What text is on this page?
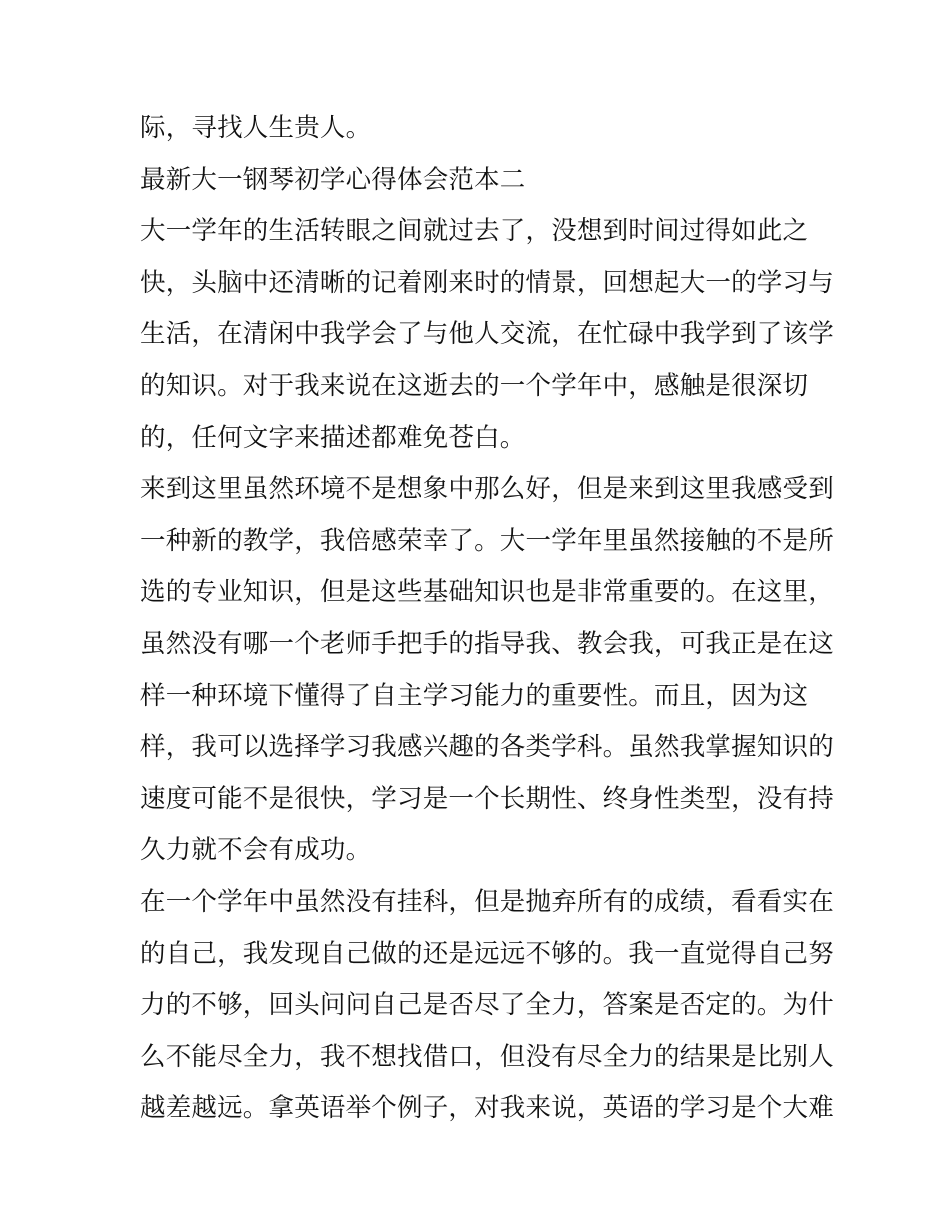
际，寻找人生贵人。
最新大一钢琴初学心得体会范本二
大一学年的生活转眼之间就过去了，没想到时间过得如此之
快，头脑中还清晰的记着刚来时的情景，回想起大一的学习与
生活，在清闲中我学会了与他人交流，在忙碌中我学到了该学
的知识。对于我来说在这逝去的一个学年中，感触是很深切
的，任何文字来描述都难免苍白。
来到这里虽然环境不是想象中那么好，但是来到这里我感受到
一种新的教学，我倍感荣幸了。大一学年里虽然接触的不是所
选的专业知识，但是这些基础知识也是非常重要的。在这里，
虽然没有哪一个老师手把手的指导我、教会我，可我正是在这
样一种环境下懂得了自主学习能力的重要性。而且，因为这
样，我可以选择学习我感兴趣的各类学科。虽然我掌握知识的
速度可能不是很快，学习是一个长期性、终身性类型，没有持
久力就不会有成功。
在一个学年中虽然没有挂科，但是抛弃所有的成绩，看看实在
的自己，我发现自己做的还是远远不够的。我一直觉得自己努
力的不够，回头问问自己是否尽了全力，答案是否定的。为什
么不能尽全力，我不想找借口，但没有尽全力的结果是比别人
越差越远。拿英语举个例子，对我来说，英语的学习是个大难
